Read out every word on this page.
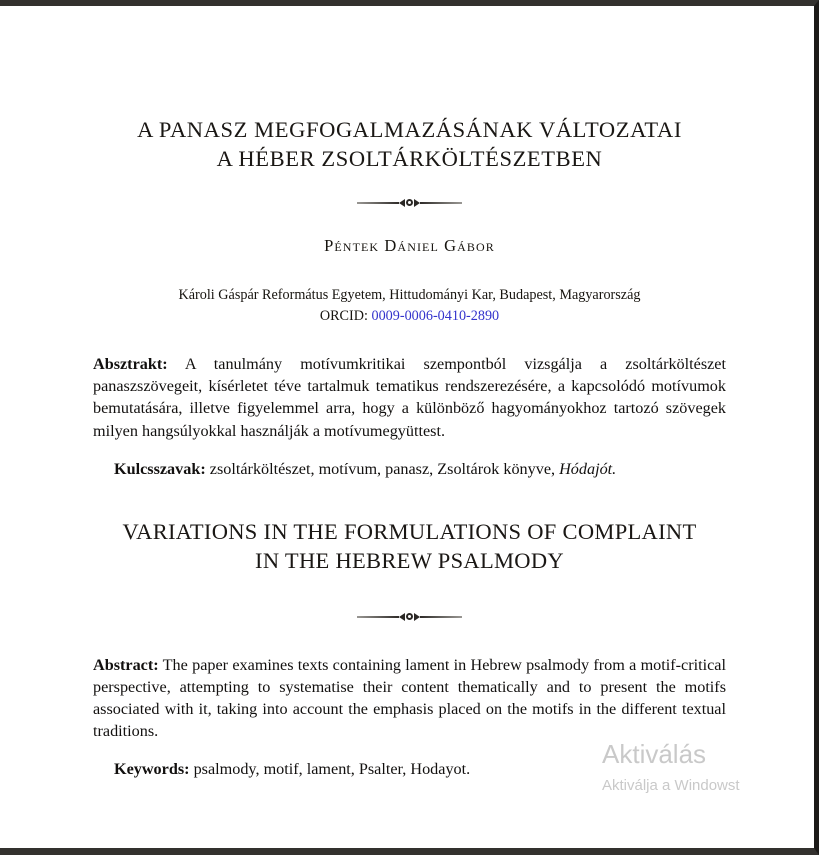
A PANASZ MEGFOGALMAZÁSÁNAK VÁLTOZATAI
A HÉBER ZSOLTÁRKÖLTÉSZETBEN
Péntek Dániel Gábor
Károli Gáspár Református Egyetem, Hittudományi Kar, Budapest, Magyarország
ORCID: 0009-0006-0410-2890

Absztrakt: A tanulmány motívumkritikai szempontból vizsgálja a zsoltárköltészet panaszszövegeit, kísérletet téve tartalmuk tematikus rendszerezésére, a kapcsolódó motívumok bemutatására, illetve figyelemmel arra, hogy a különböző hagyományokhoz tartozó szövegek milyen hangsúlyokkal használják a motívumegyüttest.

Kulcsszavak: zsoltárköltészet, motívum, panasz, Zsoltárok könyve, Hódajót.

VARIATIONS IN THE FORMULATIONS OF COMPLAINT
IN THE HEBREW PSALMODY

Abstract: The paper examines texts containing lament in Hebrew psalmody from a motif-critical perspective, attempting to systematise their content thematically and to present the motifs associated with it, taking into account the emphasis placed on the motifs in the different textual traditions.

Keywords: psalmody, motif, lament, Psalter, Hodayot.

Aktiválás
Aktiválja a Windowst
